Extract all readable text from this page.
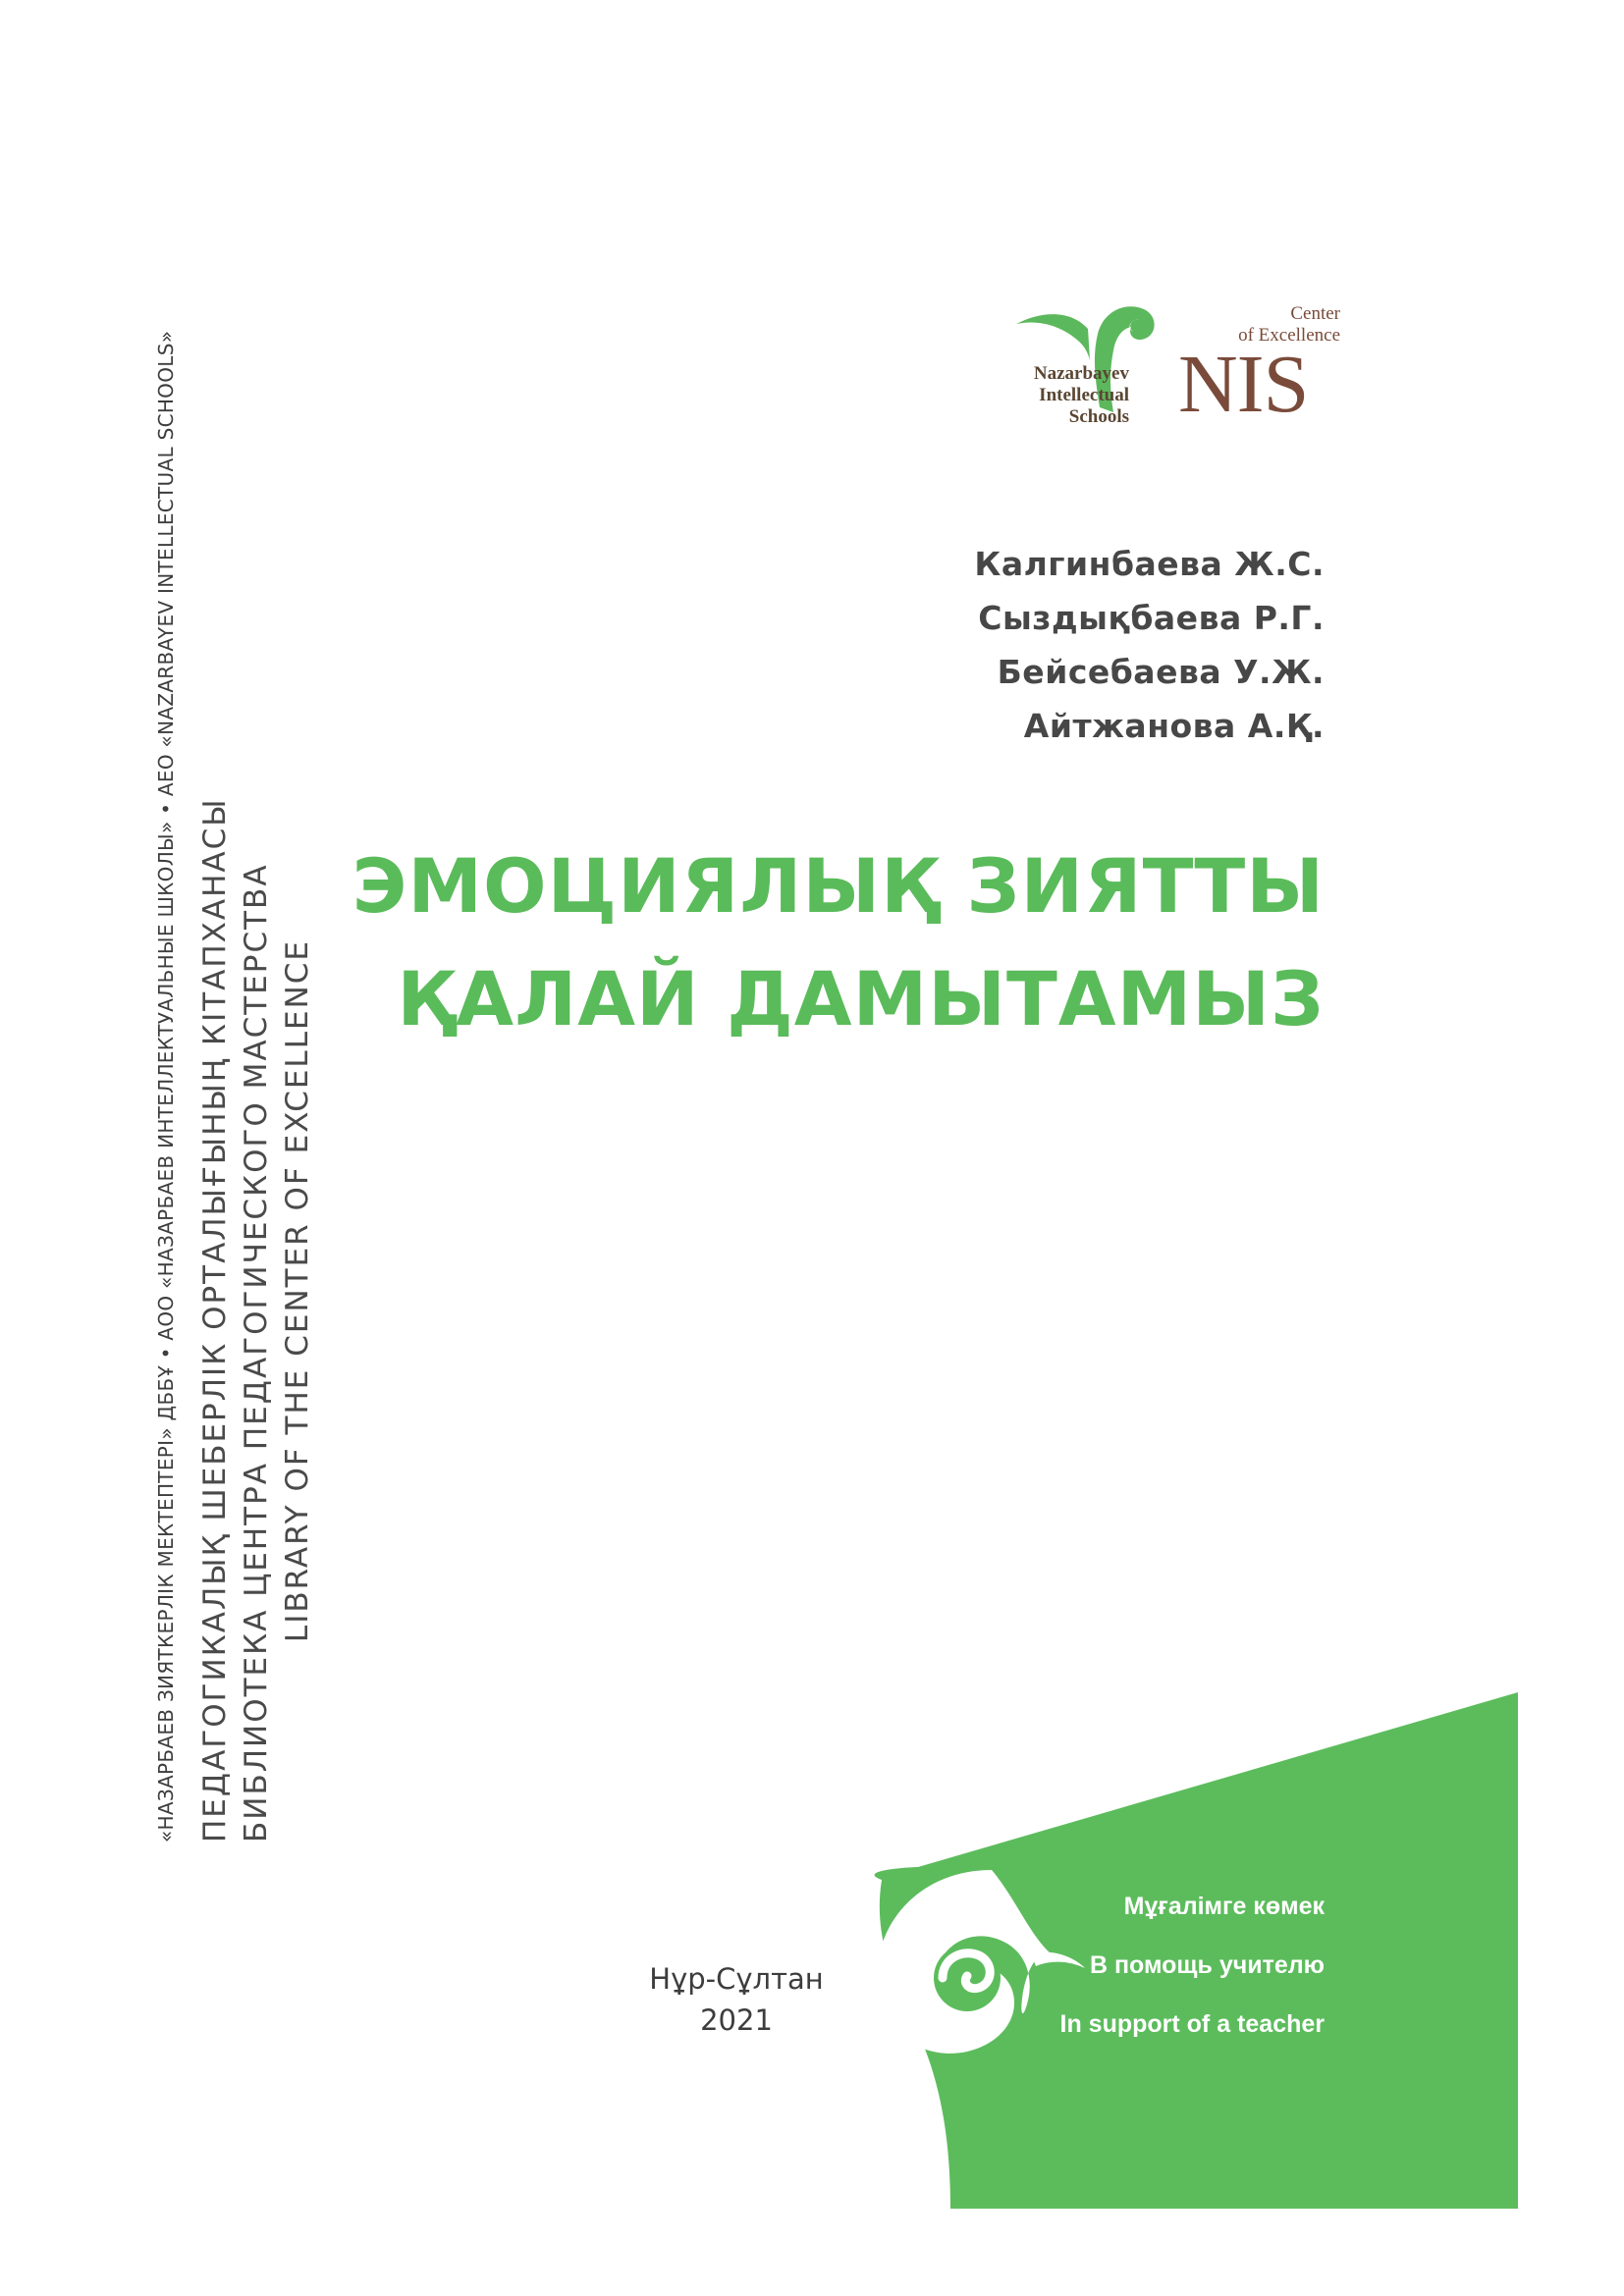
«НАЗАРБАЕВ ЗИЯТКЕРЛІК МЕКТЕПТЕРІ» ДББҰ • АОО «НАЗАРБАЕВ ИНТЕЛЛЕКТУАЛЬНЫЕ ШКОЛЫ» • AEO «NAZARBAYEV INTELLECTUAL SCHOOLS» ПЕДАГОГИКАЛЫҚ ШЕБЕРЛІК ОРТАЛЫҒЫНЫҢ КІТАПХАНАСЫ БИБЛИОТЕКА ЦЕНТРА ПЕДАГОГИЧЕСКОГО МАСТЕРСТВА LIBRARY OF THE CENTER OF EXCELLENCE
Center
of Excellence
Nazarbayev
Intellectual
Schools NIS
Калгинбаева Ж.С.
Сыздықбаева Р.Г.
Бейсебаева У.Ж.
Айтжанова А.Қ.
ЭМОЦИЯЛЫҚ ЗИЯТТЫ
ҚАЛАЙ ДАМЫТАМЫЗ
Нұр-Сұлтан
2021
Мұғалімге көмек
В помощь учителю
In support of a teacher
